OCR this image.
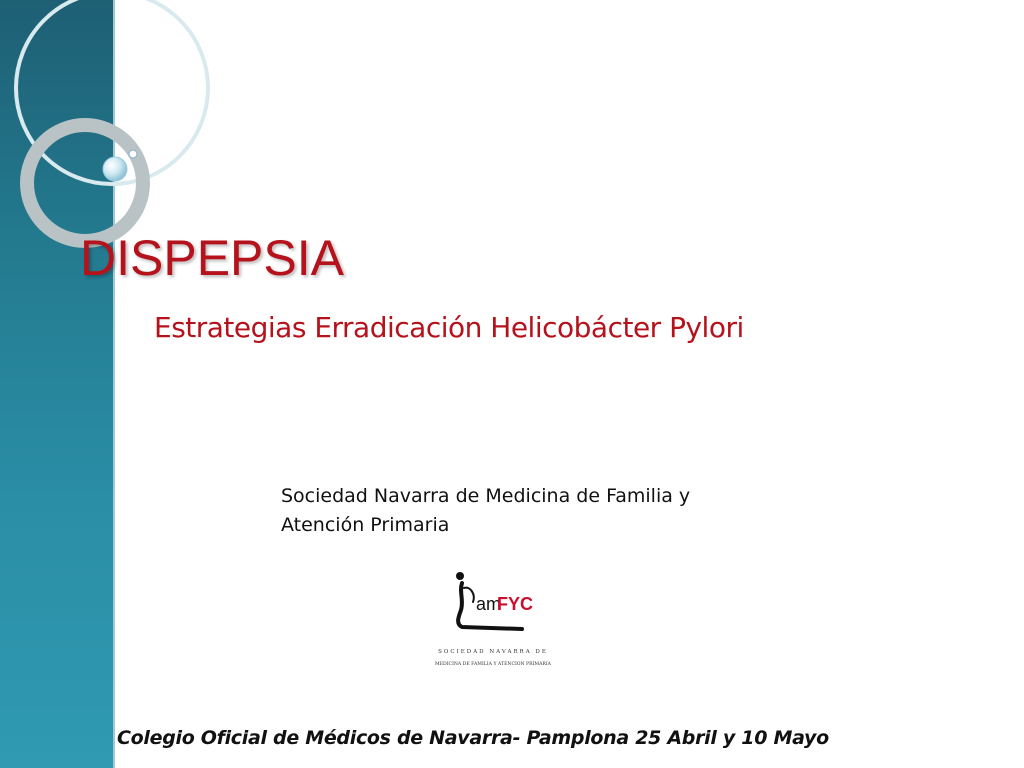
DISPEPSIA
Estrategias Erradicación Helicobácter Pylori
Sociedad Navarra de Medicina de Familia y
Atención Primaria
am
FYC
SOCIEDAD NAVARRA DE
MEDICINA DE FAMILIA Y ATENCION PRIMARIA
Colegio Oficial de Médicos de Navarra- Pamplona 25 Abril y 10 Mayo
